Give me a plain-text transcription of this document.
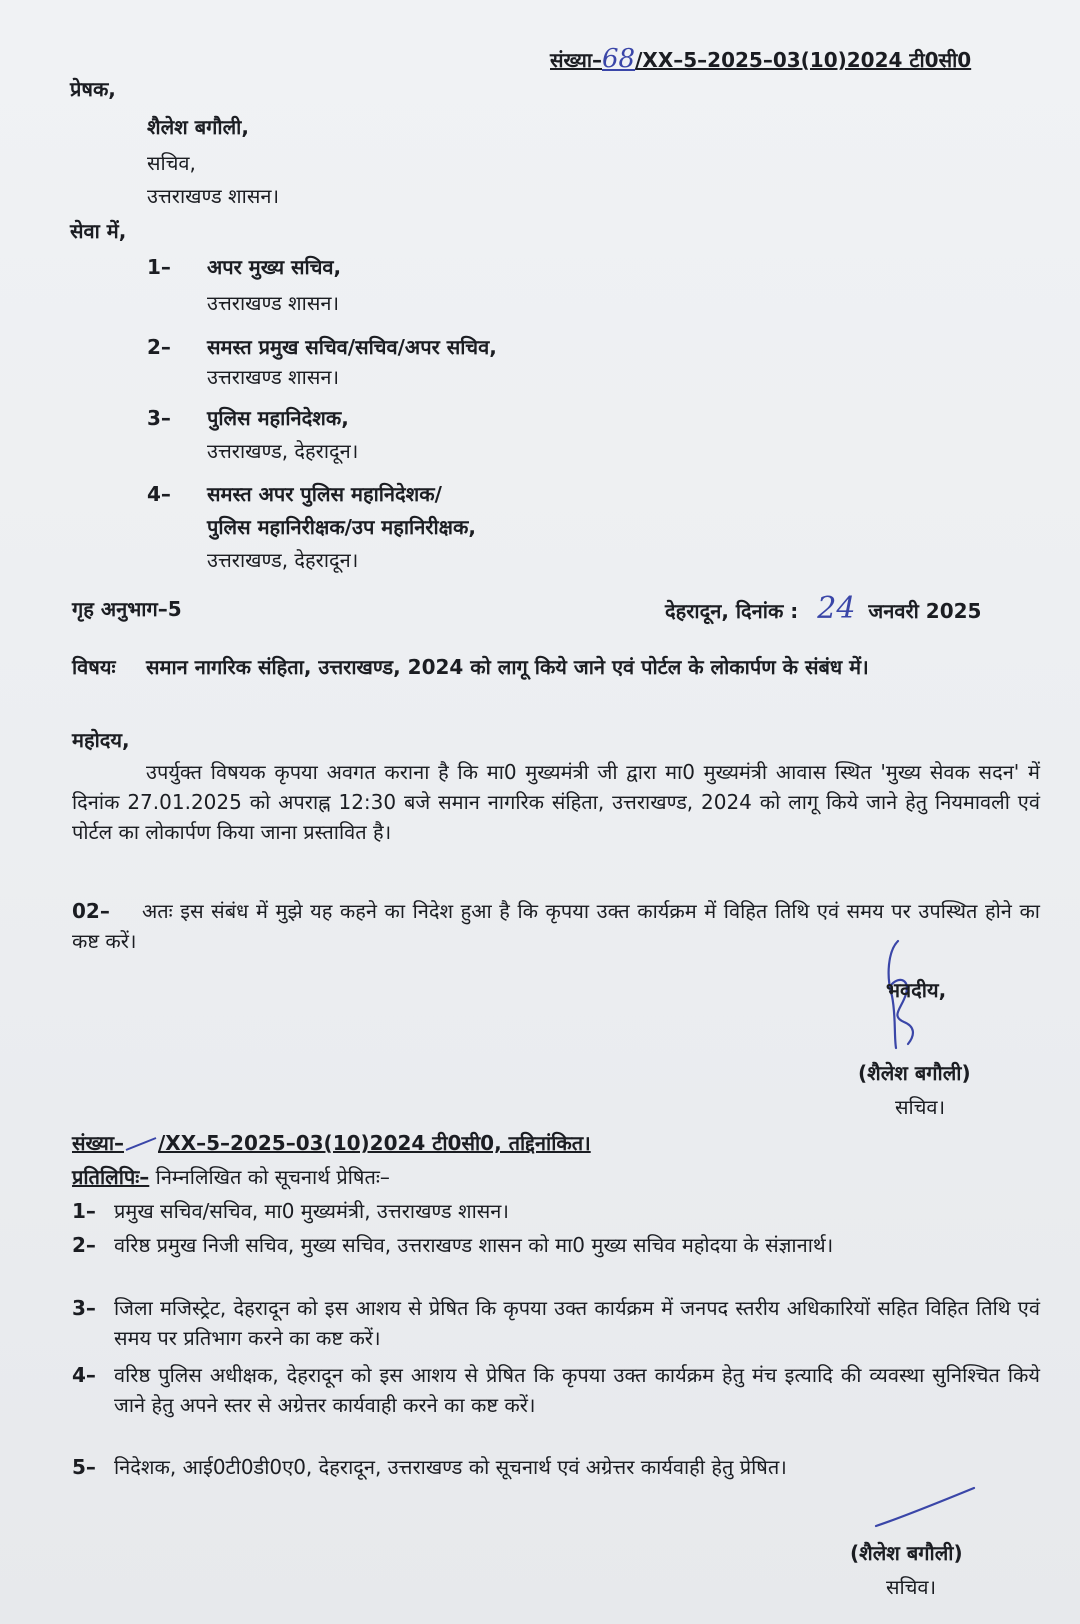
संख्या–68/XX–5–2025–03(10)2024 टी0सी0
प्रेषक,
शैलेश बगौली,
सचिव,
उत्तराखण्ड शासन।
सेवा में,
1– अपर मुख्य सचिव,
उत्तराखण्ड शासन।
2– समस्त प्रमुख सचिव/सचिव/अपर सचिव,
उत्तराखण्ड शासन।
3– पुलिस महानिदेशक,
उत्तराखण्ड, देहरादून।
4– समस्त अपर पुलिस महानिदेशक/
पुलिस महानिरीक्षक/उप महानिरीक्षक,
उत्तराखण्ड, देहरादून।
गृह अनुभाग–5	देहरादून, दिनांक : 24 जनवरी 2025
विषयः	समान नागरिक संहिता, उत्तराखण्ड, 2024 को लागू किये जाने एवं पोर्टल के लोकार्पण के संबंध में।
महोदय,
उपर्युक्त विषयक कृपया अवगत कराना है कि मा0 मुख्यमंत्री जी द्वारा मा0 मुख्यमंत्री आवास स्थित 'मुख्य सेवक सदन' में दिनांक 27.01.2025 को अपराह्न 12:30 बजे समान नागरिक संहिता, उत्तराखण्ड, 2024 को लागू किये जाने हेतु नियमावली एवं पोर्टल का लोकार्पण किया जाना प्रस्तावित है।
02–	अतः इस संबंध में मुझे यह कहने का निदेश हुआ है कि कृपया उक्त कार्यक्रम में विहित तिथि एवं समय पर उपस्थित होने का कष्ट करें।
भवदीय,
(शैलेश बगौली)
सचिव।
संख्या– /XX–5–2025–03(10)2024 टी0सी0, तद्दिनांकित।
प्रतिलिपिः– निम्नलिखित को सूचनार्थ प्रेषितः–
1– प्रमुख सचिव/सचिव, मा0 मुख्यमंत्री, उत्तराखण्ड शासन।
2– वरिष्ठ प्रमुख निजी सचिव, मुख्य सचिव, उत्तराखण्ड शासन को मा0 मुख्य सचिव महोदया के संज्ञानार्थ।
3– जिला मजिस्ट्रेट, देहरादून को इस आशय से प्रेषित कि कृपया उक्त कार्यक्रम में जनपद स्तरीय अधिकारियों सहित विहित तिथि एवं समय पर प्रतिभाग करने का कष्ट करें।
4– वरिष्ठ पुलिस अधीक्षक, देहरादून को इस आशय से प्रेषित कि कृपया उक्त कार्यक्रम हेतु मंच इत्यादि की व्यवस्था सुनिश्चित किये जाने हेतु अपने स्तर से अग्रेत्तर कार्यवाही करने का कष्ट करें।
5– निदेशक, आई0टी0डी0ए0, देहरादून, उत्तराखण्ड को सूचनार्थ एवं अग्रेत्तर कार्यवाही हेतु प्रेषित।
(शैलेश बगौली)
सचिव।
